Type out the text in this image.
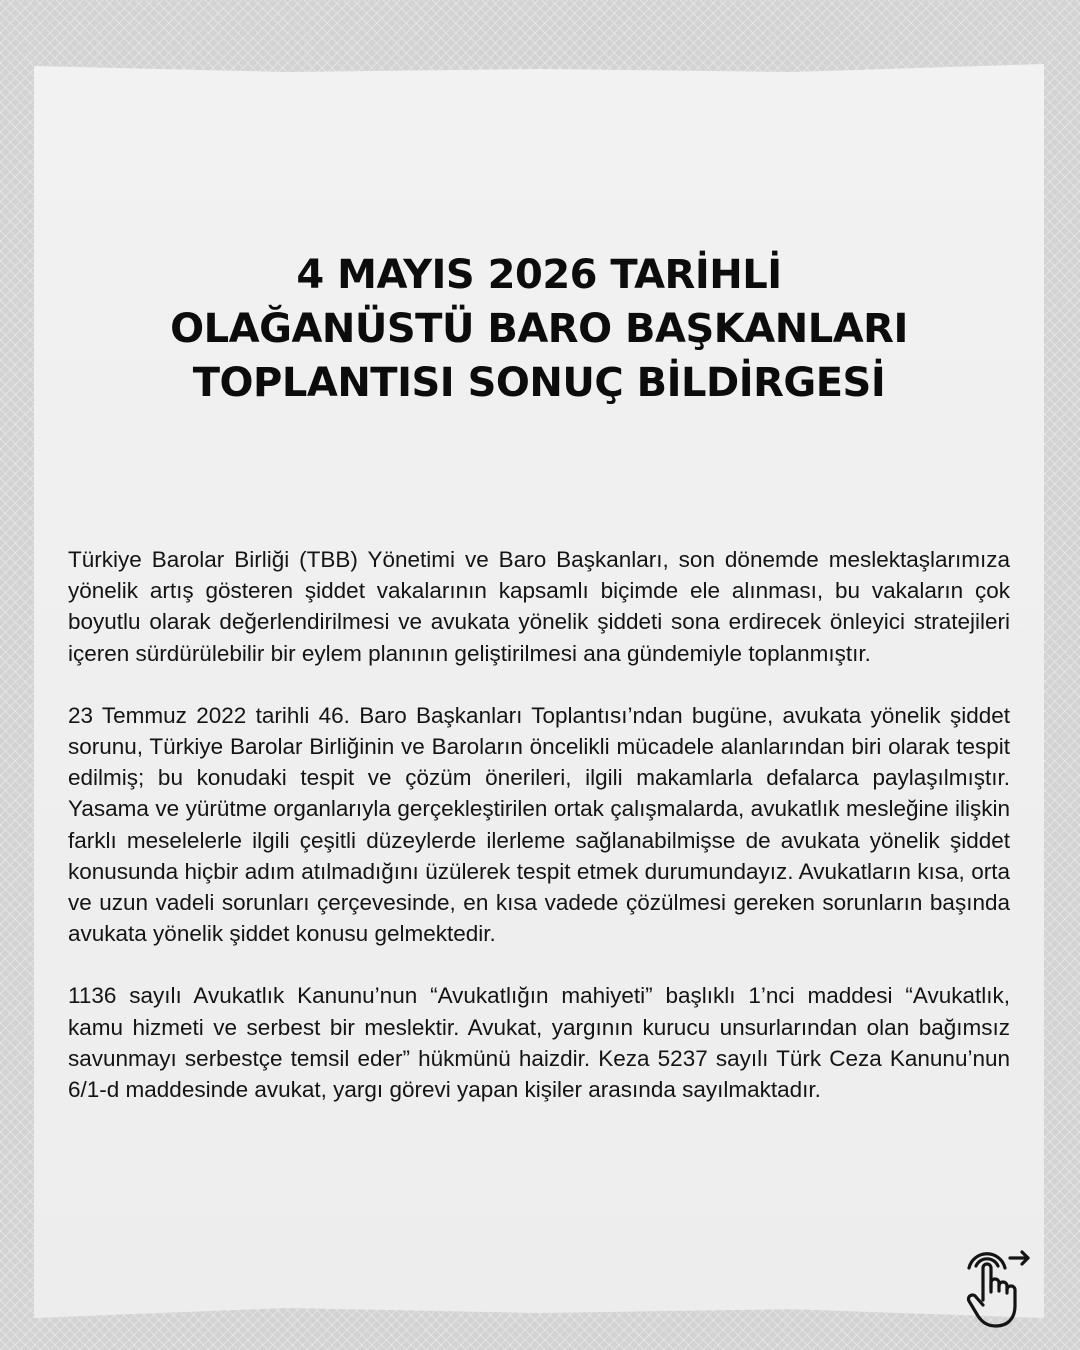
4 MAYIS 2026 TARİHLİ
OLAĞANÜSTÜ BARO BAŞKANLARI
TOPLANTISI SONUÇ BİLDİRGESİ

Türkiye Barolar Birliği (TBB) Yönetimi ve Baro Başkanları, son dönemde meslektaşlarımıza yönelik artış gösteren şiddet vakalarının kapsamlı biçimde ele alınması, bu vakaların çok boyutlu olarak değerlendirilmesi ve avukata yönelik şiddeti sona erdirecek önleyici stratejileri içeren sürdürülebilir bir eylem planının geliştirilmesi ana gündemiyle toplanmıştır.

23 Temmuz 2022 tarihli 46. Baro Başkanları Toplantısı’ndan bugüne, avukata yönelik şiddet sorunu, Türkiye Barolar Birliğinin ve Baroların öncelikli mücadele alanlarından biri olarak tespit edilmiş; bu konudaki tespit ve çözüm önerileri, ilgili makamlarla defalarca paylaşılmıştır. Yasama ve yürütme organlarıyla gerçekleştirilen ortak çalışmalarda, avukatlık mesleğine ilişkin farklı meselelerle ilgili çeşitli düzeylerde ilerleme sağlanabilmişse de avukata yönelik şiddet konusunda hiçbir adım atılmadığını üzülerek tespit etmek durumundayız. Avukatların kısa, orta ve uzun vadeli sorunları çerçevesinde, en kısa vadede çözülmesi gereken sorunların başında avukata yönelik şiddet konusu gelmektedir.

1136 sayılı Avukatlık Kanunu’nun “Avukatlığın mahiyeti” başlıklı 1’nci maddesi “Avukatlık, kamu hizmeti ve serbest bir meslektir. Avukat, yargının kurucu unsurlarından olan bağımsız savunmayı serbestçe temsil eder” hükmünü haizdir. Keza 5237 sayılı Türk Ceza Kanunu’nun 6/1-d maddesinde avukat, yargı görevi yapan kişiler arasında sayılmaktadır.
